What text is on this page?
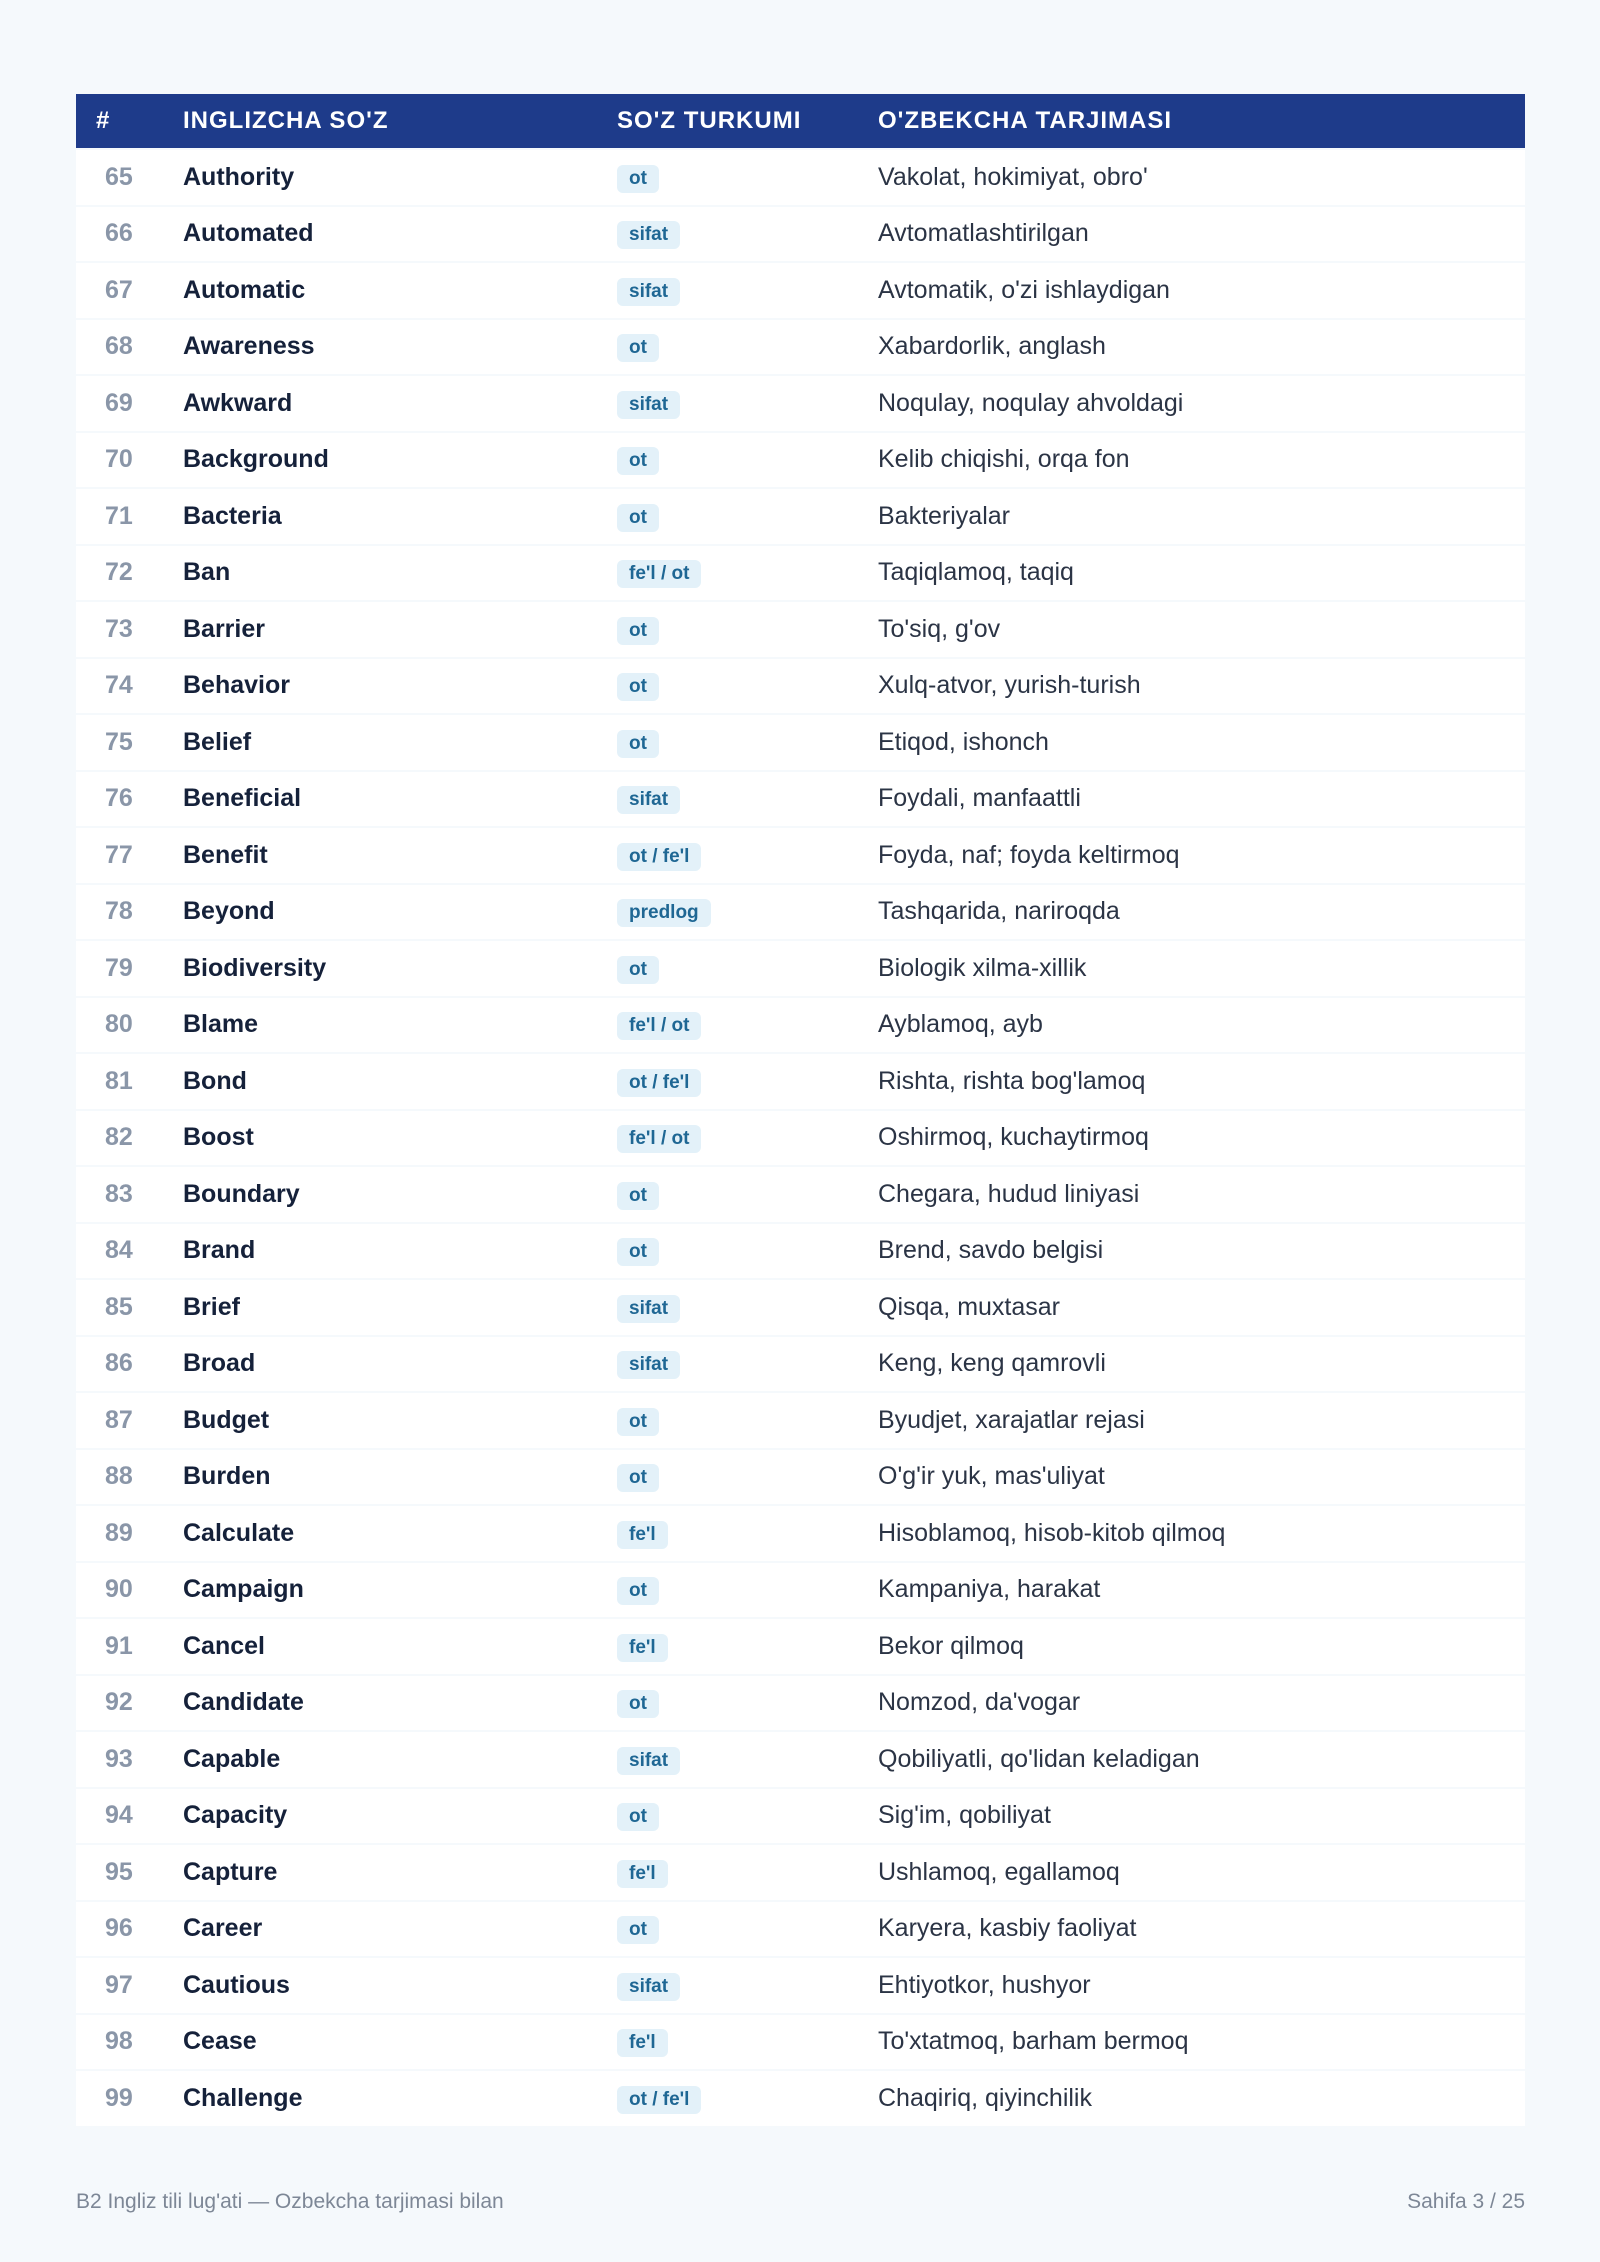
#	INGLIZCHA SO'Z	SO'Z TURKUMI	O'ZBEKCHA TARJIMASI
65	Authority	ot	Vakolat, hokimiyat, obro'
66	Automated	sifat	Avtomatlashtirilgan
67	Automatic	sifat	Avtomatik, o'zi ishlaydigan
68	Awareness	ot	Xabardorlik, anglash
69	Awkward	sifat	Noqulay, noqulay ahvoldagi
70	Background	ot	Kelib chiqishi, orqa fon
71	Bacteria	ot	Bakteriyalar
72	Ban	fe'l / ot	Taqiqlamoq, taqiq
73	Barrier	ot	To'siq, g'ov
74	Behavior	ot	Xulq-atvor, yurish-turish
75	Belief	ot	Etiqod, ishonch
76	Beneficial	sifat	Foydali, manfaattli
77	Benefit	ot / fe'l	Foyda, naf; foyda keltirmoq
78	Beyond	predlog	Tashqarida, nariroqda
79	Biodiversity	ot	Biologik xilma-xillik
80	Blame	fe'l / ot	Ayblamoq, ayb
81	Bond	ot / fe'l	Rishta, rishta bog'lamoq
82	Boost	fe'l / ot	Oshirmoq, kuchaytirmoq
83	Boundary	ot	Chegara, hudud liniyasi
84	Brand	ot	Brend, savdo belgisi
85	Brief	sifat	Qisqa, muxtasar
86	Broad	sifat	Keng, keng qamrovli
87	Budget	ot	Byudjet, xarajatlar rejasi
88	Burden	ot	O'g'ir yuk, mas'uliyat
89	Calculate	fe'l	Hisoblamoq, hisob-kitob qilmoq
90	Campaign	ot	Kampaniya, harakat
91	Cancel	fe'l	Bekor qilmoq
92	Candidate	ot	Nomzod, da'vogar
93	Capable	sifat	Qobiliyatli, qo'lidan keladigan
94	Capacity	ot	Sig'im, qobiliyat
95	Capture	fe'l	Ushlamoq, egallamoq
96	Career	ot	Karyera, kasbiy faoliyat
97	Cautious	sifat	Ehtiyotkor, hushyor
98	Cease	fe'l	To'xtatmoq, barham bermoq
99	Challenge	ot / fe'l	Chaqiriq, qiyinchilik
B2 Ingliz tili lug'ati — Ozbekcha tarjimasi bilan	Sahifa 3 / 25
